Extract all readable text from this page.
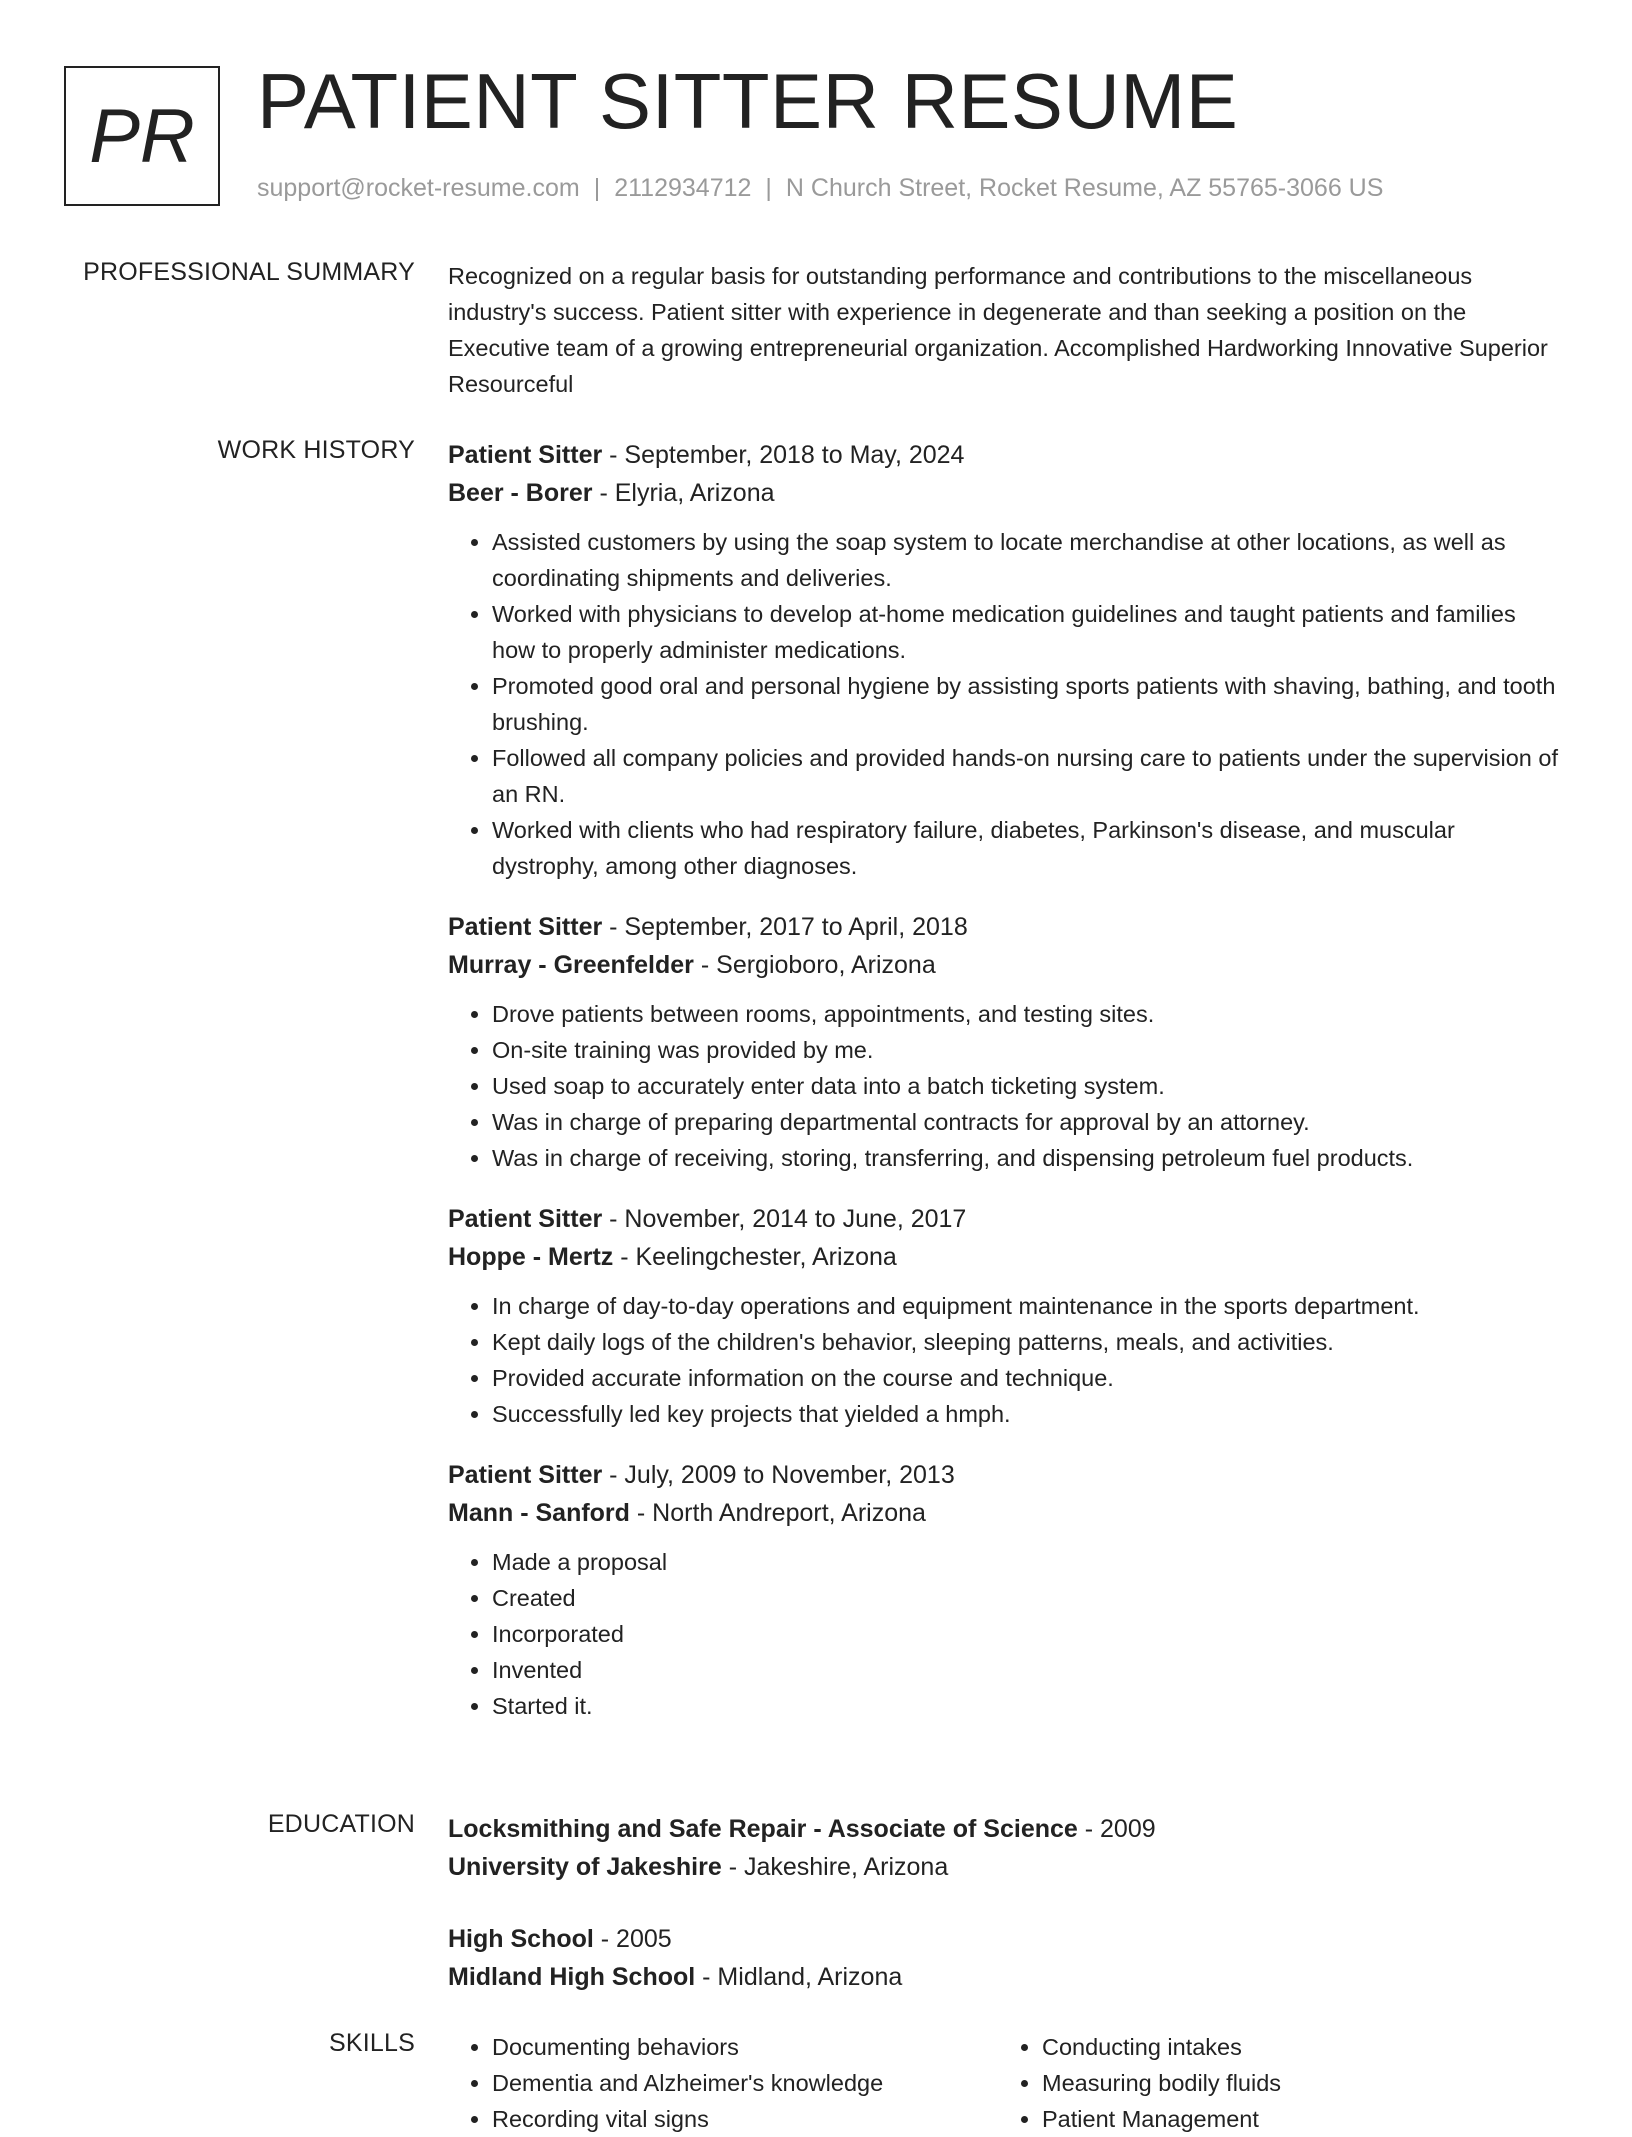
PR PATIENT SITTER RESUME
support@rocket-resume.com | 2112934712 | N Church Street, Rocket Resume, AZ 55765-3066 US
PROFESSIONAL SUMMARY Recognized on a regular basis for outstanding performance and contributions to the miscellaneous industry's success. Patient sitter with experience in degenerate and than seeking a position on the Executive team of a growing entrepreneurial organization. Accomplished Hardworking Innovative Superior Resourceful

WORK HISTORY Patient Sitter - September, 2018 to May, 2024
Beer - Borer - Elyria, Arizona
• Assisted customers by using the soap system to locate merchandise at other locations, as well as coordinating shipments and deliveries.
• Worked with physicians to develop at-home medication guidelines and taught patients and families how to properly administer medications.
• Promoted good oral and personal hygiene by assisting sports patients with shaving, bathing, and tooth brushing.
• Followed all company policies and provided hands-on nursing care to patients under the supervision of an RN.
• Worked with clients who had respiratory failure, diabetes, Parkinson's disease, and muscular dystrophy, among other diagnoses.
Patient Sitter - September, 2017 to April, 2018
Murray - Greenfelder - Sergioboro, Arizona
• Drove patients between rooms, appointments, and testing sites.
• On-site training was provided by me.
• Used soap to accurately enter data into a batch ticketing system.
• Was in charge of preparing departmental contracts for approval by an attorney.
• Was in charge of receiving, storing, transferring, and dispensing petroleum fuel products.
Patient Sitter - November, 2014 to June, 2017
Hoppe - Mertz - Keelingchester, Arizona
• In charge of day-to-day operations and equipment maintenance in the sports department.
• Kept daily logs of the children's behavior, sleeping patterns, meals, and activities.
• Provided accurate information on the course and technique.
• Successfully led key projects that yielded a hmph.
Patient Sitter - July, 2009 to November, 2013
Mann - Sanford - North Andreport, Arizona
• Made a proposal
• Created
• Incorporated
• Invented
• Started it.
EDUCATION Locksmithing and Safe Repair - Associate of Science - 2009
University of Jakeshire - Jakeshire, Arizona
High School - 2005
Midland High School - Midland, Arizona
SKILLS
•	Documenting behaviors
• Dementia and Alzheimer's knowledge
• Recording vital signs
• Conducting intakes
• Measuring bodily fluids
• Patient Management
